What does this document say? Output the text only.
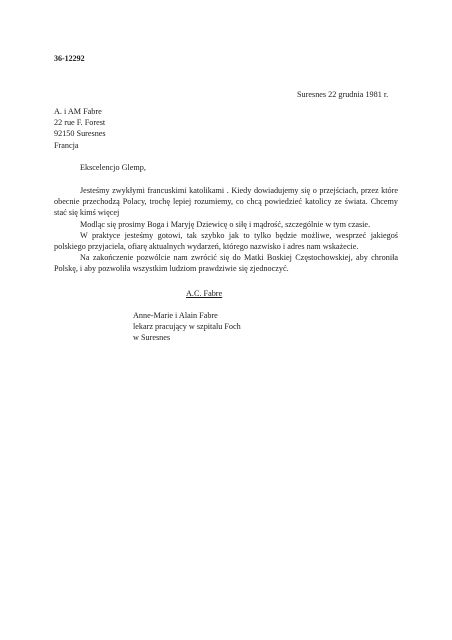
36-12292
Suresnes 22 grudnia 1981 r.
A. i AM Fabre
22 rue F. Forest
92150 Suresnes
Francja
Ekscelencjo Glemp,
Jesteśmy zwykłymi francuskimi katolikami . Kiedy dowiadujemy się o przejściach, przez które obecnie przechodzą Polacy, trochę lepiej rozumiemy, co chcą powiedzieć katolicy ze świata. Chcemy stać się kimś więcej
Modląc się prosimy Boga i Maryję Dziewicę o siłę i mądrość, szczególnie w tym czasie.
W praktyce jesteśmy gotowi, tak szybko jak to tylko będzie możliwe, wesprzeć jakiegoś polskiego przyjaciela, ofiarę aktualnych wydarzeń, którego nazwisko i adres nam wskażecie.
Na zakończenie pozwólcie nam zwrócić się do Matki Boskiej Częstochowskiej, aby chroniła Polskę, i aby pozwoliła wszystkim ludziom prawdziwie się zjednoczyć.
A.C. Fabre
Anne-Marie i Alain Fabre
lekarz pracujący w szpitalu Foch
w Suresnes
